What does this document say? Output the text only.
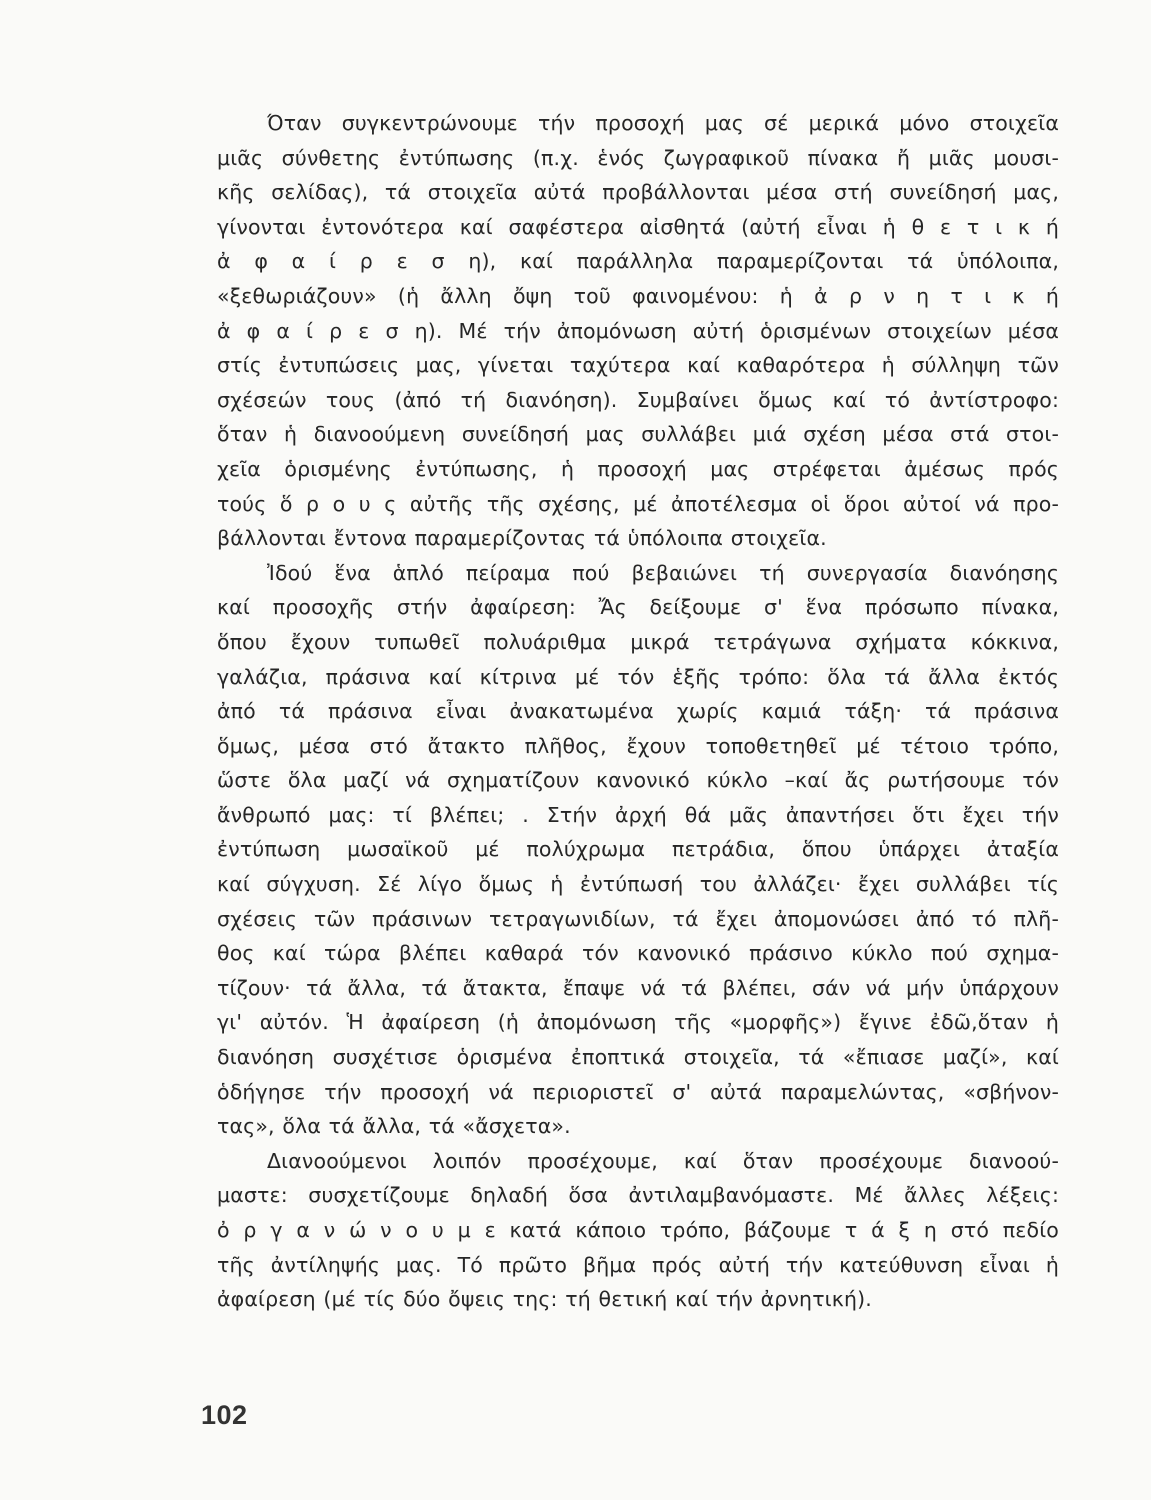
Όταν συγκεντρώνουμε τήν προσοχή μας σέ μερικά μόνο στοιχεῖα
μιᾶς σύνθετης ἐντύπωσης (π.χ. ἑνός ζωγραφικοῦ πίνακα ἤ μιᾶς μουσι-
κῆς σελίδας), τά στοιχεῖα αὐτά προβάλλονται μέσα στή συνείδησή μας,
γίνονται ἐντονότερα καί σαφέστερα αἰσθητά (αὐτή εἶναι ἡ θ ε τ ι κ ή
ἀ φ α ί ρ ε σ η), καί παράλληλα παραμερίζονται τά ὑπόλοιπα,
«ξεθωριάζουν» (ἡ ἄλλη ὄψη τοῦ φαινομένου: ἡ ἀ ρ ν η τ ι κ ή
ἀ φ α ί ρ ε σ η). Μέ τήν ἀπομόνωση αὐτή ὁρισμένων στοιχείων μέσα
στίς ἐντυπώσεις μας, γίνεται ταχύτερα καί καθαρότερα ἡ σύλληψη τῶν
σχέσεών τους (ἀπό τή διανόηση). Συμβαίνει ὅμως καί τό ἀντίστροφο:
ὅταν ἡ διανοούμενη συνείδησή μας συλλάβει μιά σχέση μέσα στά στοι-
χεῖα ὁρισμένης ἐντύπωσης, ἡ προσοχή μας στρέφεται ἀμέσως πρός
τούς ὅ ρ ο υ ς αὐτῆς τῆς σχέσης, μέ ἀποτέλεσμα οἱ ὅροι αὐτοί νά προ-
βάλλονται ἔντονα παραμερίζοντας τά ὑπόλοιπα στοιχεῖα.
Ἰδού ἕνα ἁπλό πείραμα πού βεβαιώνει τή συνεργασία διανόησης
καί προσοχῆς στήν ἀφαίρεση: Ἄς δείξουμε σ' ἕνα πρόσωπο πίνακα,
ὅπου ἔχουν τυπωθεῖ πολυάριθμα μικρά τετράγωνα σχήματα κόκκινα,
γαλάζια, πράσινα καί κίτρινα μέ τόν ἑξῆς τρόπο: ὅλα τά ἄλλα ἐκτός
ἀπό τά πράσινα εἶναι ἀνακατωμένα χωρίς καμιά τάξη· τά πράσινα
ὅμως, μέσα στό ἄτακτο πλῆθος, ἔχουν τοποθετηθεῖ μέ τέτοιο τρόπο,
ὥστε ὅλα μαζί νά σχηματίζουν κανονικό κύκλο –καί ἄς ρωτήσουμε τόν
ἄνθρωπό μας: τί βλέπει; . Στήν ἀρχή θά μᾶς ἀπαντήσει ὅτι ἔχει τήν
ἐντύπωση μωσαϊκοῦ μέ πολύχρωμα πετράδια, ὅπου ὑπάρχει ἀταξία
καί σύγχυση. Σέ λίγο ὅμως ἡ ἐντύπωσή του ἀλλάζει· ἔχει συλλάβει τίς
σχέσεις τῶν πράσινων τετραγωνιδίων, τά ἔχει ἀπομονώσει ἀπό τό πλῆ-
θος καί τώρα βλέπει καθαρά τόν κανονικό πράσινο κύκλο πού σχημα-
τίζουν· τά ἄλλα, τά ἄτακτα, ἔπαψε νά τά βλέπει, σάν νά μήν ὑπάρχουν
γι' αὐτόν. Ἡ ἀφαίρεση (ἡ ἀπομόνωση τῆς «μορφῆς») ἔγινε ἐδῶ,ὅταν ἡ
διανόηση συσχέτισε ὁρισμένα ἐποπτικά στοιχεῖα, τά «ἔπιασε μαζί», καί
ὁδήγησε τήν προσοχή νά περιοριστεῖ σ' αὐτά παραμελώντας, «σβήνον-
τας», ὅλα τά ἄλλα, τά «ἄσχετα».
Διανοούμενοι λοιπόν προσέχουμε, καί ὅταν προσέχουμε διανοού-
μαστε: συσχετίζουμε δηλαδή ὅσα ἀντιλαμβανόμαστε. Μέ ἄλλες λέξεις:
ὀ ρ γ α ν ώ ν ο υ μ ε κατά κάποιο τρόπο, βάζουμε τ ά ξ η στό πεδίο
τῆς ἀντίληψής μας. Τό πρῶτο βῆμα πρός αὐτή τήν κατεύθυνση εἶναι ἡ
ἀφαίρεση (μέ τίς δύο ὄψεις της: τή θετική καί τήν ἀρνητική).
102
